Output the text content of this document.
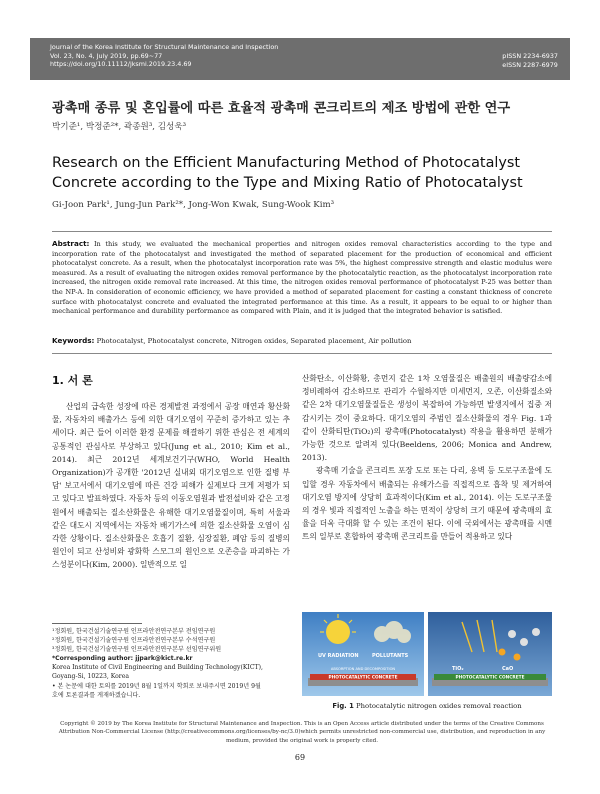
Journal of the Korea Institute for Structural Maintenance and Inspection
Vol. 23, No. 4, July 2019, pp.69~77
https://doi.org/10.11112/jksmi.2019.23.4.69
pISSN 2234-6937
eISSN 2287-6979
광촉매 종류 및 혼입률에 따른 효율적 광촉매 콘크리트의 제조 방법에 관한 연구
박기준¹, 박정준²*, 곽종원³, 김성욱³
Research on the Efficient Manufacturing Method of Photocatalyst Concrete according to the Type and Mixing Ratio of Photocatalyst
Gi-Joon Park¹, Jung-Jun Park²*, Jong-Won Kwak, Sung-Wook Kim³
Abstract: In this study, we evaluated the mechanical properties and nitrogen oxides removal characteristics according to the type and incorporation rate of the photocatalyst and investigated the method of separated placement for the production of economical and efficient photocatalyst concrete. As a result, when the photocatalyst incorporation rate was 5%, the highest compressive strength and elastic modulus were measured. As a result of evaluating the nitrogen oxides removal performance by the photocatalytic reaction, as the photocatalyst incorporation rate increased, the nitrogen oxide removal rate increased. At this time, the nitrogen oxides removal performance of photocatalyst P-25 was better than the NP-A. In consideration of economic efficiency, we have provided a method of separated placement for casting a constant thickness of concrete surface with photocatalyst concrete and evaluated the integrated performance at this time. As a result, it appears to be equal to or higher than mechanical performance and durability performance as compared with Plain, and it is judged that the integrated behavior is satisfied.
Keywords: Photocatalyst, Photocatalyst concrete, Nitrogen oxides, Separated placement, Air pollution
1. 서 론

산업의 급속한 성장에 따른 경제발전 과정에서 공장 매연과 황산화물, 자동차의 배출가스 등에 의한 대기오염이 꾸준히 증가하고 있는 추세이다. 최근 들어 이러한 환경 문제를 해결하기 위한 관심은 전 세계의 공통적인 관심사로 부상하고 있다(Jung et al., 2010; Kim et al., 2014). 최근 2012년 세계보건기구(WHO, World Health Organization)가 공개한 '2012년 실내외 대기오염으로 인한 질병 부담' 보고서에서 대기오염에 따른 건강 피해가 실제보다 크게 저평가 되고 있다고 발표하였다. 자동차 등의 이동오염원과 발전설비와 같은 고정원에서 배출되는 질소산화물은 유해한 대기오염물질이며, 특히 서울과 같은 대도시 지역에서는 자동차 배기가스에 의한 질소산화물 오염이 심각한 상황이다. 질소산화물은 호흡기 질환, 심장질환, 폐암 등의 질병의 원인이 되고 산성비와 광화학 스모그의 원인으로 오존층을 파괴하는 가스성분이다(Kim, 2000). 일반적으로 일

산화탄소, 이산화황, 총먼지 같은 1차 오염물질은 배출원의 배출량감소에 정비례하여 감소하므로 관리가 수월하지만 미세먼지, 오존, 이산화질소와 같은 2차 대기오염물질들은 생성이 복잡하여 가능하면 발생지에서 집중 저감시키는 것이 중요하다. 대기오염의 주범인 질소산화물의 경우 Fig. 1과 같이 산화티탄(TiO₂)의 광촉매(Photocatalyst) 작용을 활용하면 분해가 가능한 것으로 알려져 있다(Beeldens, 2006; Monica and Andrew, 2013).

광촉매 기술을 콘크리트 포장 도로 또는 다리, 옹벽 등 도로구조물에 도입할 경우 자동차에서 배출되는 유해가스를 직접적으로 흡착 및 제거하여 대기오염 방지에 상당히 효과적이다(Kim et al., 2014). 이는 도로구조물의 경우 빛과 직접적인 노출을 하는 면적이 상당히 크기 때문에 광촉매의 효율을 더욱 극대화 할 수 있는 조건이 된다. 이에 국외에서는 광촉매를 시멘트의 일부로 혼합하여 광촉매 콘크리트를 만들어 적용하고 있다

¹정회원, 한국건설기술연구원 인프라안전연구본부 전임연구원
²정회원, 한국건설기술연구원 인프라안전연구본부 수석연구원
³정회원, 한국건설기술연구원 인프라안전연구본부 선임연구위원
*Corresponding author: jjpark@kict.re.kr
Korea Institute of Civil Engineering and Building Technology(KICT),
Goyang-Si, 10223, Korea
• 본 논문에 대한 토의를 2019년 8월 1일까지 학회로 보내주시면 2019년 9월
호에 토론결과를 게재하겠습니다.
UV RADIATION	POLLUTANTS
PHOTOCATALYTIC CONCRETE
ABSORPTION AND DECOMPOSITION	TiO₂	CaO
PHOTOCATALYTIC CONCRETE
Fig. 1 Photocatalytic nitrogen oxides removal reaction
Copyright © 2019 by The Korea Institute for Structural Maintenance and Inspection. This is an Open Access article distributed under the terms of the Creative Commons Attribution Non-Commercial License (http://creativecommons.org/licenses/by-nc/3.0)which permits unrestricted non-commercial use, distribution, and reproduction in any medium, provided the original work is properly cited.
69
